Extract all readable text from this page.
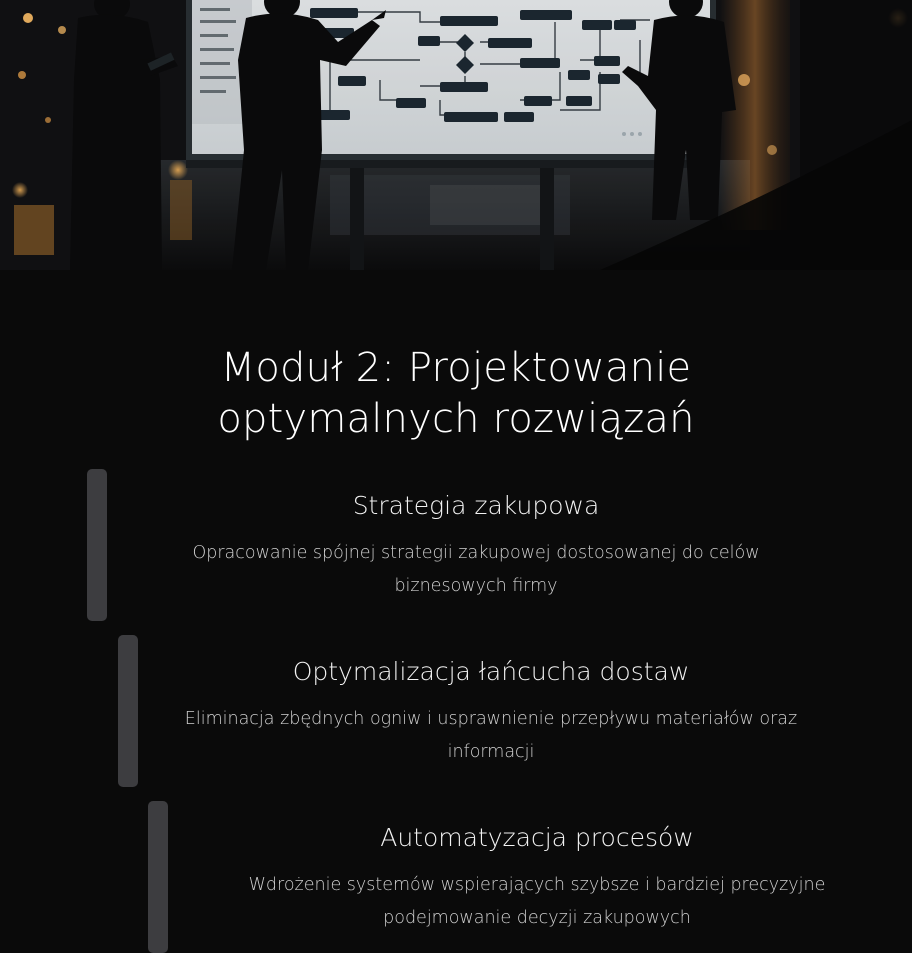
Moduł 2: Projektowanie
optymalnych rozwiązań
Strategia zakupowa

Opracowanie spójnej strategii zakupowej dostosowanej do celów biznesowych firmy

Optymalizacja łańcucha dostaw

Eliminacja zbędnych ogniw i usprawnienie przepływu materiałów oraz informacji

Automatyzacja procesów

Wdrożenie systemów wspierających szybsze i bardziej precyzyjne podejmowanie decyzji zakupowych
